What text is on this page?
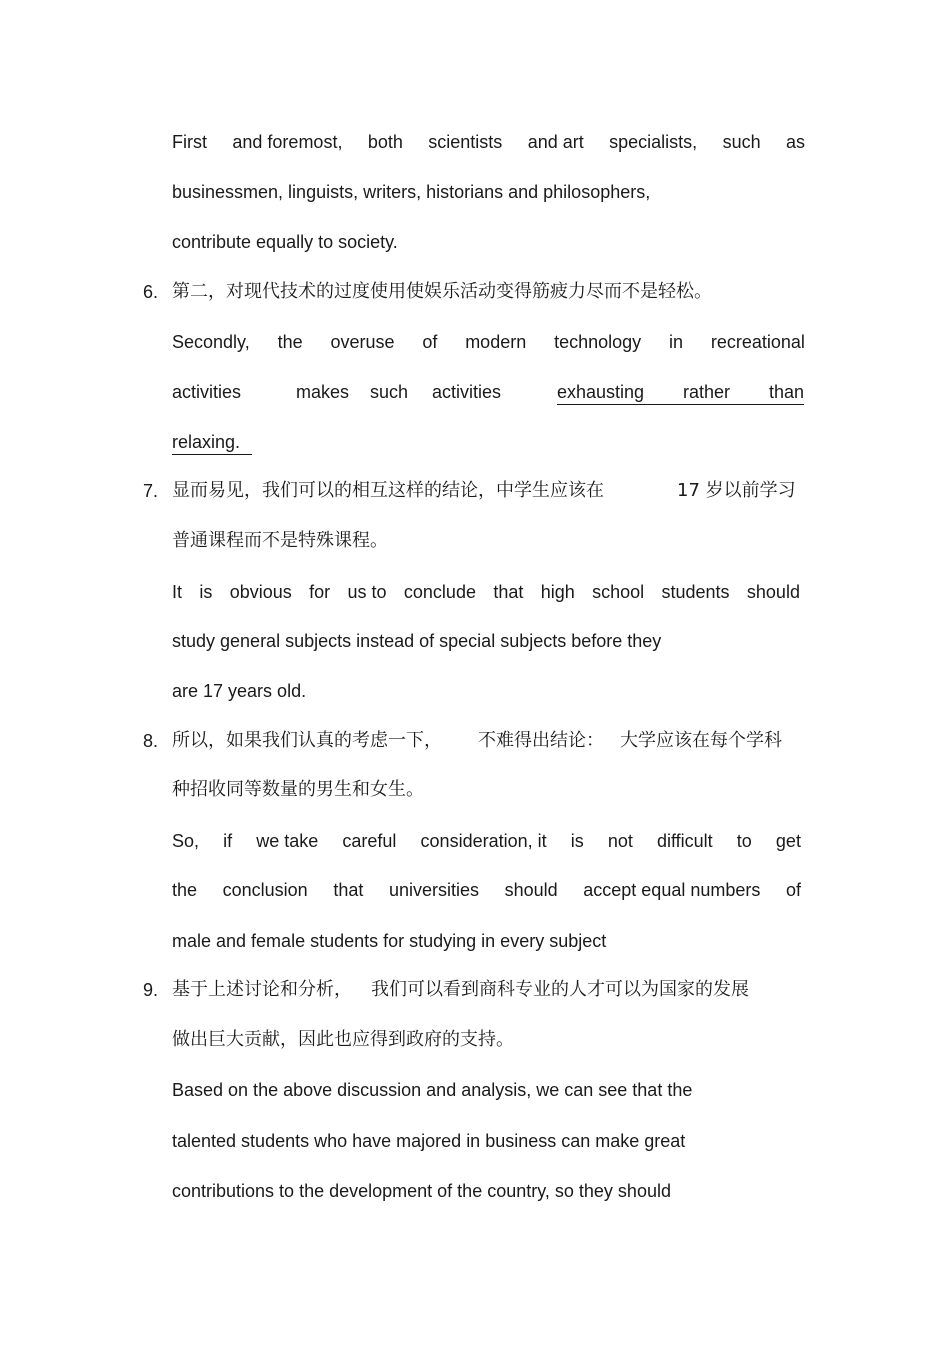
First and foremost, both scientists and art specialists, such as
businessmen, linguists, writers, historians and philosophers,
contribute equally to society.
6. 第二，对现代技术的过度使用使娱乐活动变得筋疲力尽而不是轻松。
Secondly, the overuse of modern technology in recreational
activities	makes such activities	exhausting rather than
relaxing.
7. 显而易见，我们可以的相互这样的结论，中学生应该在	17 岁以前学习
普通课程而不是特殊课程。
It is obvious for us to conclude that high school students should
study general subjects instead of special subjects before they
are 17 years old.
8. 所以，如果我们认真的考虑一下， 不难得出结论： 大学应该在每个学科
种招收同等数量的男生和女生。
So, if we take careful consideration, it is not difficult to get
the conclusion that universities should accept equal numbers of
male and female students for studying in every subject
9. 基于上述讨论和分析， 我们可以看到商科专业的人才可以为国家的发展
做出巨大贡献，因此也应得到政府的支持。
Based on the above discussion and analysis, we can see that the
talented students who have majored in business can make great
contributions to the development of the country, so they should
